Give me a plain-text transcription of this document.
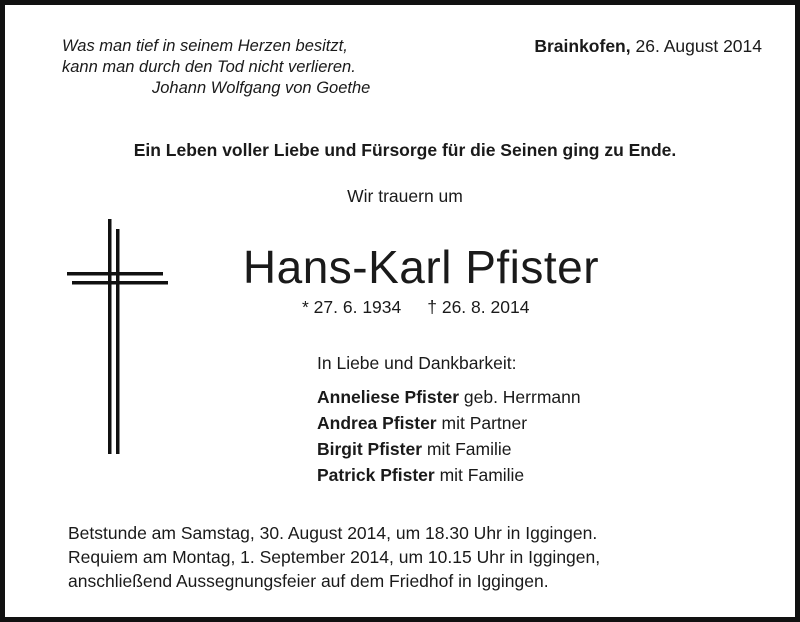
Was man tief in seinem Herzen besitzt,
kann man durch den Tod nicht verlieren.
Johann Wolfgang von Goethe
Brainkofen, 26. August 2014
Ein Leben voller Liebe und Fürsorge für die Seinen ging zu Ende.
Wir trauern um
Hans-Karl Pfister
* 27. 6. 1934 † 26. 8. 2014
In Liebe und Dankbarkeit:
Anneliese Pfister geb. Herrmann
Andrea Pfister mit Partner
Birgit Pfister mit Familie
Patrick Pfister mit Familie
Betstunde am Samstag, 30. August 2014, um 18.30 Uhr in Iggingen.
Requiem am Montag, 1. September 2014, um 10.15 Uhr in Iggingen,
anschließend Aussegnungsfeier auf dem Friedhof in Iggingen.
